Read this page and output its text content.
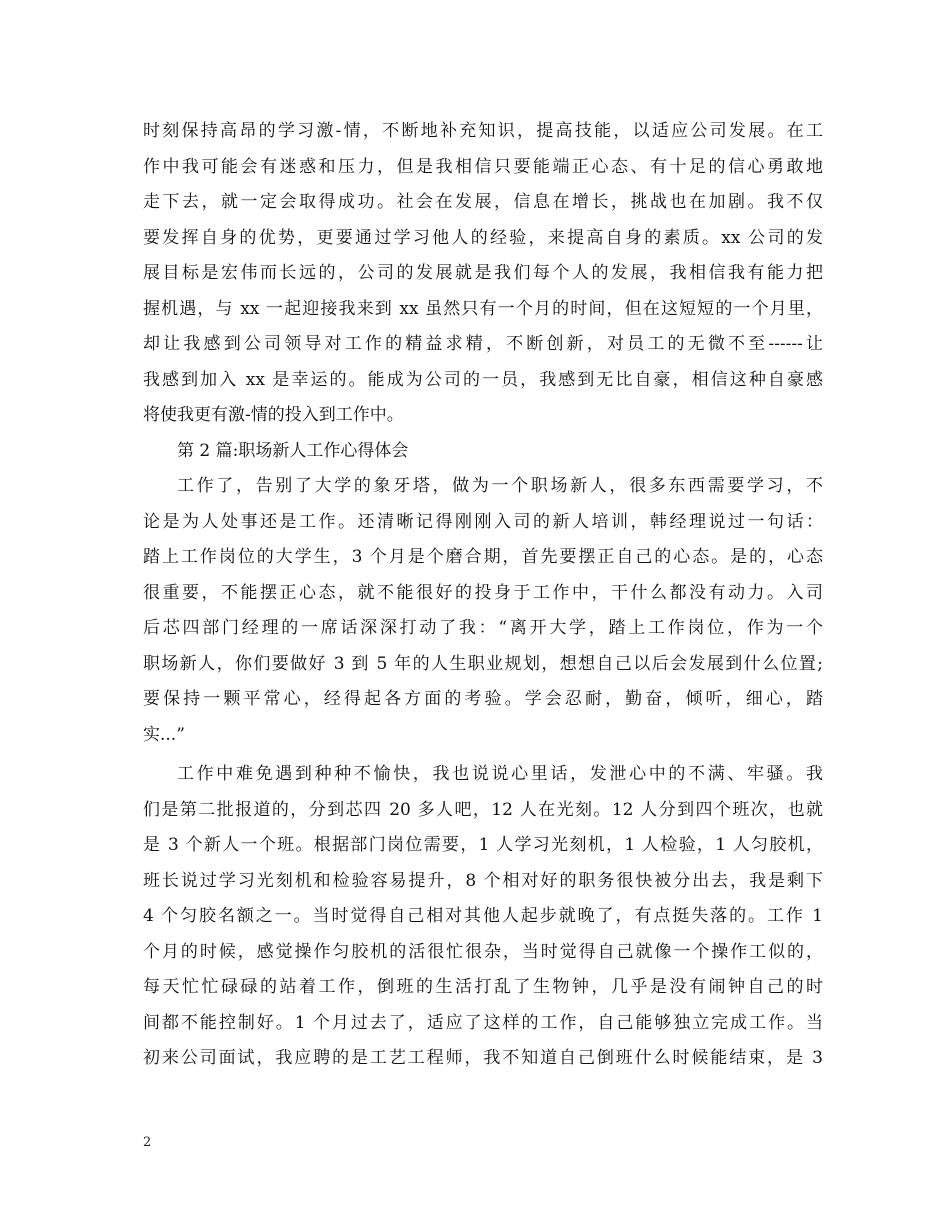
时刻保持高昂的学习激-情，不断地补充知识，提高技能，以适应公司发展。在工
作中我可能会有迷惑和压力，但是我相信只要能端正心态、有十足的信心勇敢地
走下去，就一定会取得成功。社会在发展，信息在增长，挑战也在加剧。我不仅
要发挥自身的优势，更要通过学习他人的经验，来提高自身的素质。xx 公司的发
展目标是宏伟而长远的，公司的发展就是我们每个人的发展，我相信我有能力把
握机遇，与 xx 一起迎接我来到 xx 虽然只有一个月的时间，但在这短短的一个月里，
却让我感到公司领导对工作的精益求精，不断创新，对员工的无微不至------让
我感到加入 xx 是幸运的。能成为公司的一员，我感到无比自豪，相信这种自豪感
将使我更有激-情的投入到工作中。
第 2 篇:职场新人工作心得体会
工作了，告别了大学的象牙塔，做为一个职场新人，很多东西需要学习，不
论是为人处事还是工作。还清晰记得刚刚入司的新人培训，韩经理说过一句话：
踏上工作岗位的大学生，3 个月是个磨合期，首先要摆正自己的心态。是的，心态
很重要，不能摆正心态，就不能很好的投身于工作中，干什么都没有动力。入司
后芯四部门经理的一席话深深打动了我：“离开大学，踏上工作岗位，作为一个
职场新人，你们要做好 3 到 5 年的人生职业规划，想想自己以后会发展到什么位置;
要保持一颗平常心，经得起各方面的考验。学会忍耐，勤奋，倾听，细心，踏
实...”
工作中难免遇到种种不愉快，我也说说心里话，发泄心中的不满、牢骚。我
们是第二批报道的，分到芯四 20 多人吧，12 人在光刻。12 人分到四个班次，也就
是 3 个新人一个班。根据部门岗位需要，1 人学习光刻机，1 人检验，1 人匀胶机，
班长说过学习光刻机和检验容易提升，8 个相对好的职务很快被分出去，我是剩下
4 个匀胶名额之一。当时觉得自己相对其他人起步就晚了，有点挺失落的。工作 1
个月的时候，感觉操作匀胶机的活很忙很杂，当时觉得自己就像一个操作工似的，
每天忙忙碌碌的站着工作，倒班的生活打乱了生物钟，几乎是没有闹钟自己的时
间都不能控制好。1 个月过去了，适应了这样的工作，自己能够独立完成工作。当
初来公司面试，我应聘的是工艺工程师，我不知道自己倒班什么时候能结束，是 3
2
